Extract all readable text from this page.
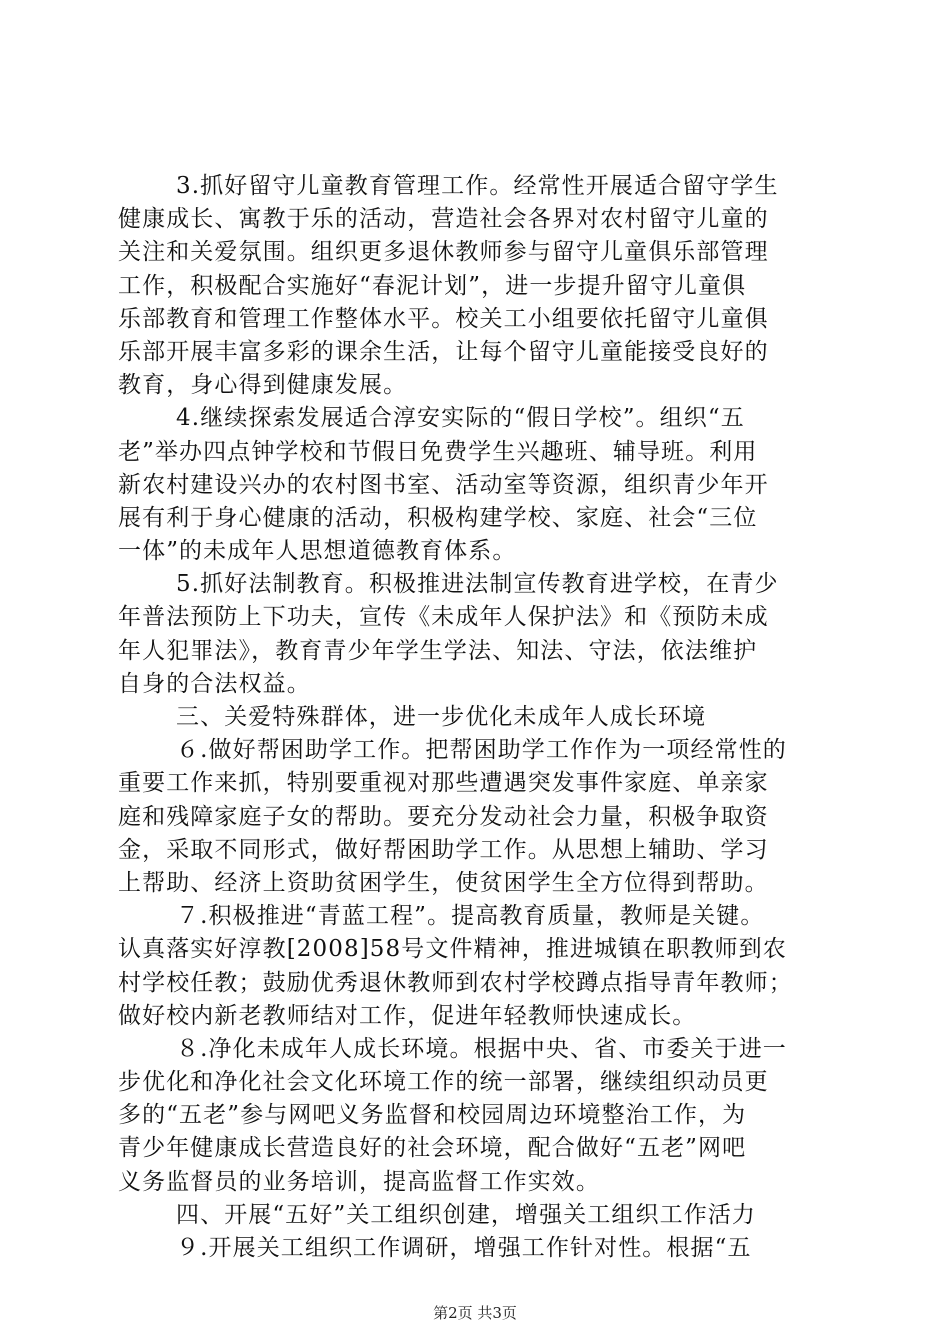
3.抓好留守儿童教育管理工作。经常性开展适合留守学生
健康成长、寓教于乐的活动，营造社会各界对农村留守儿童的
关注和关爱氛围。组织更多退休教师参与留守儿童俱乐部管理
工作，积极配合实施好“春泥计划”，进一步提升留守儿童俱
乐部教育和管理工作整体水平。校关工小组要依托留守儿童俱
乐部开展丰富多彩的课余生活，让每个留守儿童能接受良好的
教育，身心得到健康发展。
4.继续探索发展适合淳安实际的“假日学校”。组织“五
老”举办四点钟学校和节假日免费学生兴趣班、辅导班。利用
新农村建设兴办的农村图书室、活动室等资源，组织青少年开
展有利于身心健康的活动，积极构建学校、家庭、社会“三位
一体”的未成年人思想道德教育体系。
5.抓好法制教育。积极推进法制宣传教育进学校，在青少
年普法预防上下功夫，宣传《未成年人保护法》和《预防未成
年人犯罪法》，教育青少年学生学法、知法、守法，依法维护
自身的合法权益。
三、关爱特殊群体，进一步优化未成年人成长环境
６.做好帮困助学工作。把帮困助学工作作为一项经常性的
重要工作来抓，特别要重视对那些遭遇突发事件家庭、单亲家
庭和残障家庭子女的帮助。要充分发动社会力量，积极争取资
金，采取不同形式，做好帮困助学工作。从思想上辅助、学习
上帮助、经济上资助贫困学生，使贫困学生全方位得到帮助。
７.积极推进“青蓝工程”。提高教育质量，教师是关键。
认真落实好淳教[2008]58号文件精神，推进城镇在职教师到农
村学校任教；鼓励优秀退休教师到农村学校蹲点指导青年教师；
做好校内新老教师结对工作，促进年轻教师快速成长。
８.净化未成年人成长环境。根据中央、省、市委关于进一
步优化和净化社会文化环境工作的统一部署，继续组织动员更
多的“五老”参与网吧义务监督和校园周边环境整治工作，为
青少年健康成长营造良好的社会环境，配合做好“五老”网吧
义务监督员的业务培训，提高监督工作实效。
四、开展“五好”关工组织创建，增强关工组织工作活力
９.开展关工组织工作调研，增强工作针对性。根据“五
第2页 共3页
